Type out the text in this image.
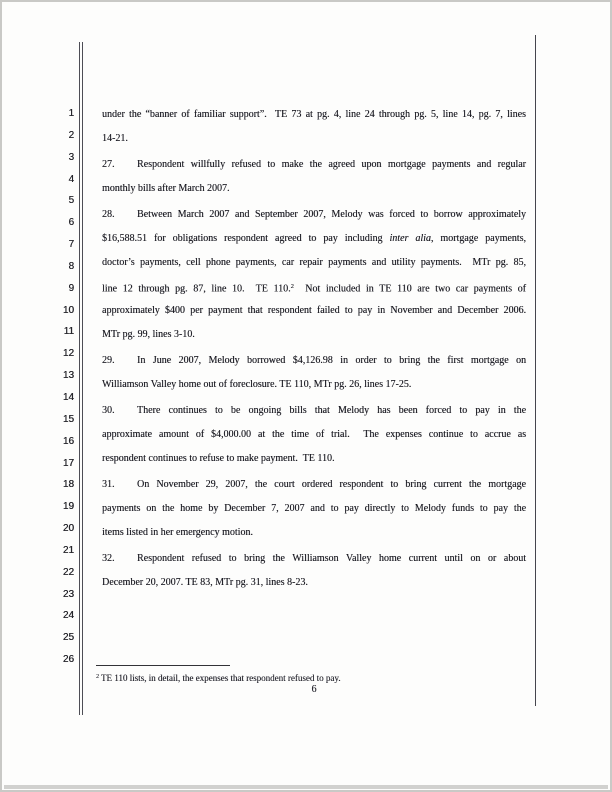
1
2
3
4
5
6
7
8
9
10
11
12
13
14
15
16
17
18
19
20
21
22
23
24
25
26
under the “banner of familiar support”.  TE 73 at pg. 4, line 24 through pg. 5, line 14, pg. 7, lines
14-21.
27. Respondent willfully refused to make the agreed upon mortgage payments and regular
monthly bills after March 2007.
28. Between March 2007 and September 2007, Melody was forced to borrow approximately
$16,588.51 for obligations respondent agreed to pay including inter alia, mortgage payments,
doctor’s payments, cell phone payments, car repair payments and utility payments.  MTr pg. 85,
line 12 through pg. 87, line 10.  TE 110.$^2$  Not included in TE 110 are two car payments of
approximately $400 per payment that respondent failed to pay in November and December 2006.
MTr pg. 99, lines 3-10.
29. In June 2007, Melody borrowed $4,126.98 in order to bring the first mortgage on
Williamson Valley home out of foreclosure. TE 110, MTr pg. 26, lines 17-25.
30. There continues to be ongoing bills that Melody has been forced to pay in the
approximate amount of $4,000.00 at the time of trial.  The expenses continue to accrue as
respondent continues to refuse to make payment.  TE 110.
31. On November 29, 2007, the court ordered respondent to bring current the mortgage
payments on the home by December 7, 2007 and to pay directly to Melody funds to pay the
items listed in her emergency motion.
32. Respondent refused to bring the Williamson Valley home current until on or about
December 20, 2007. TE 83, MTr pg. 31, lines 8-23.
$^2$ TE 110 lists, in detail, the expenses that respondent refused to pay.
6
